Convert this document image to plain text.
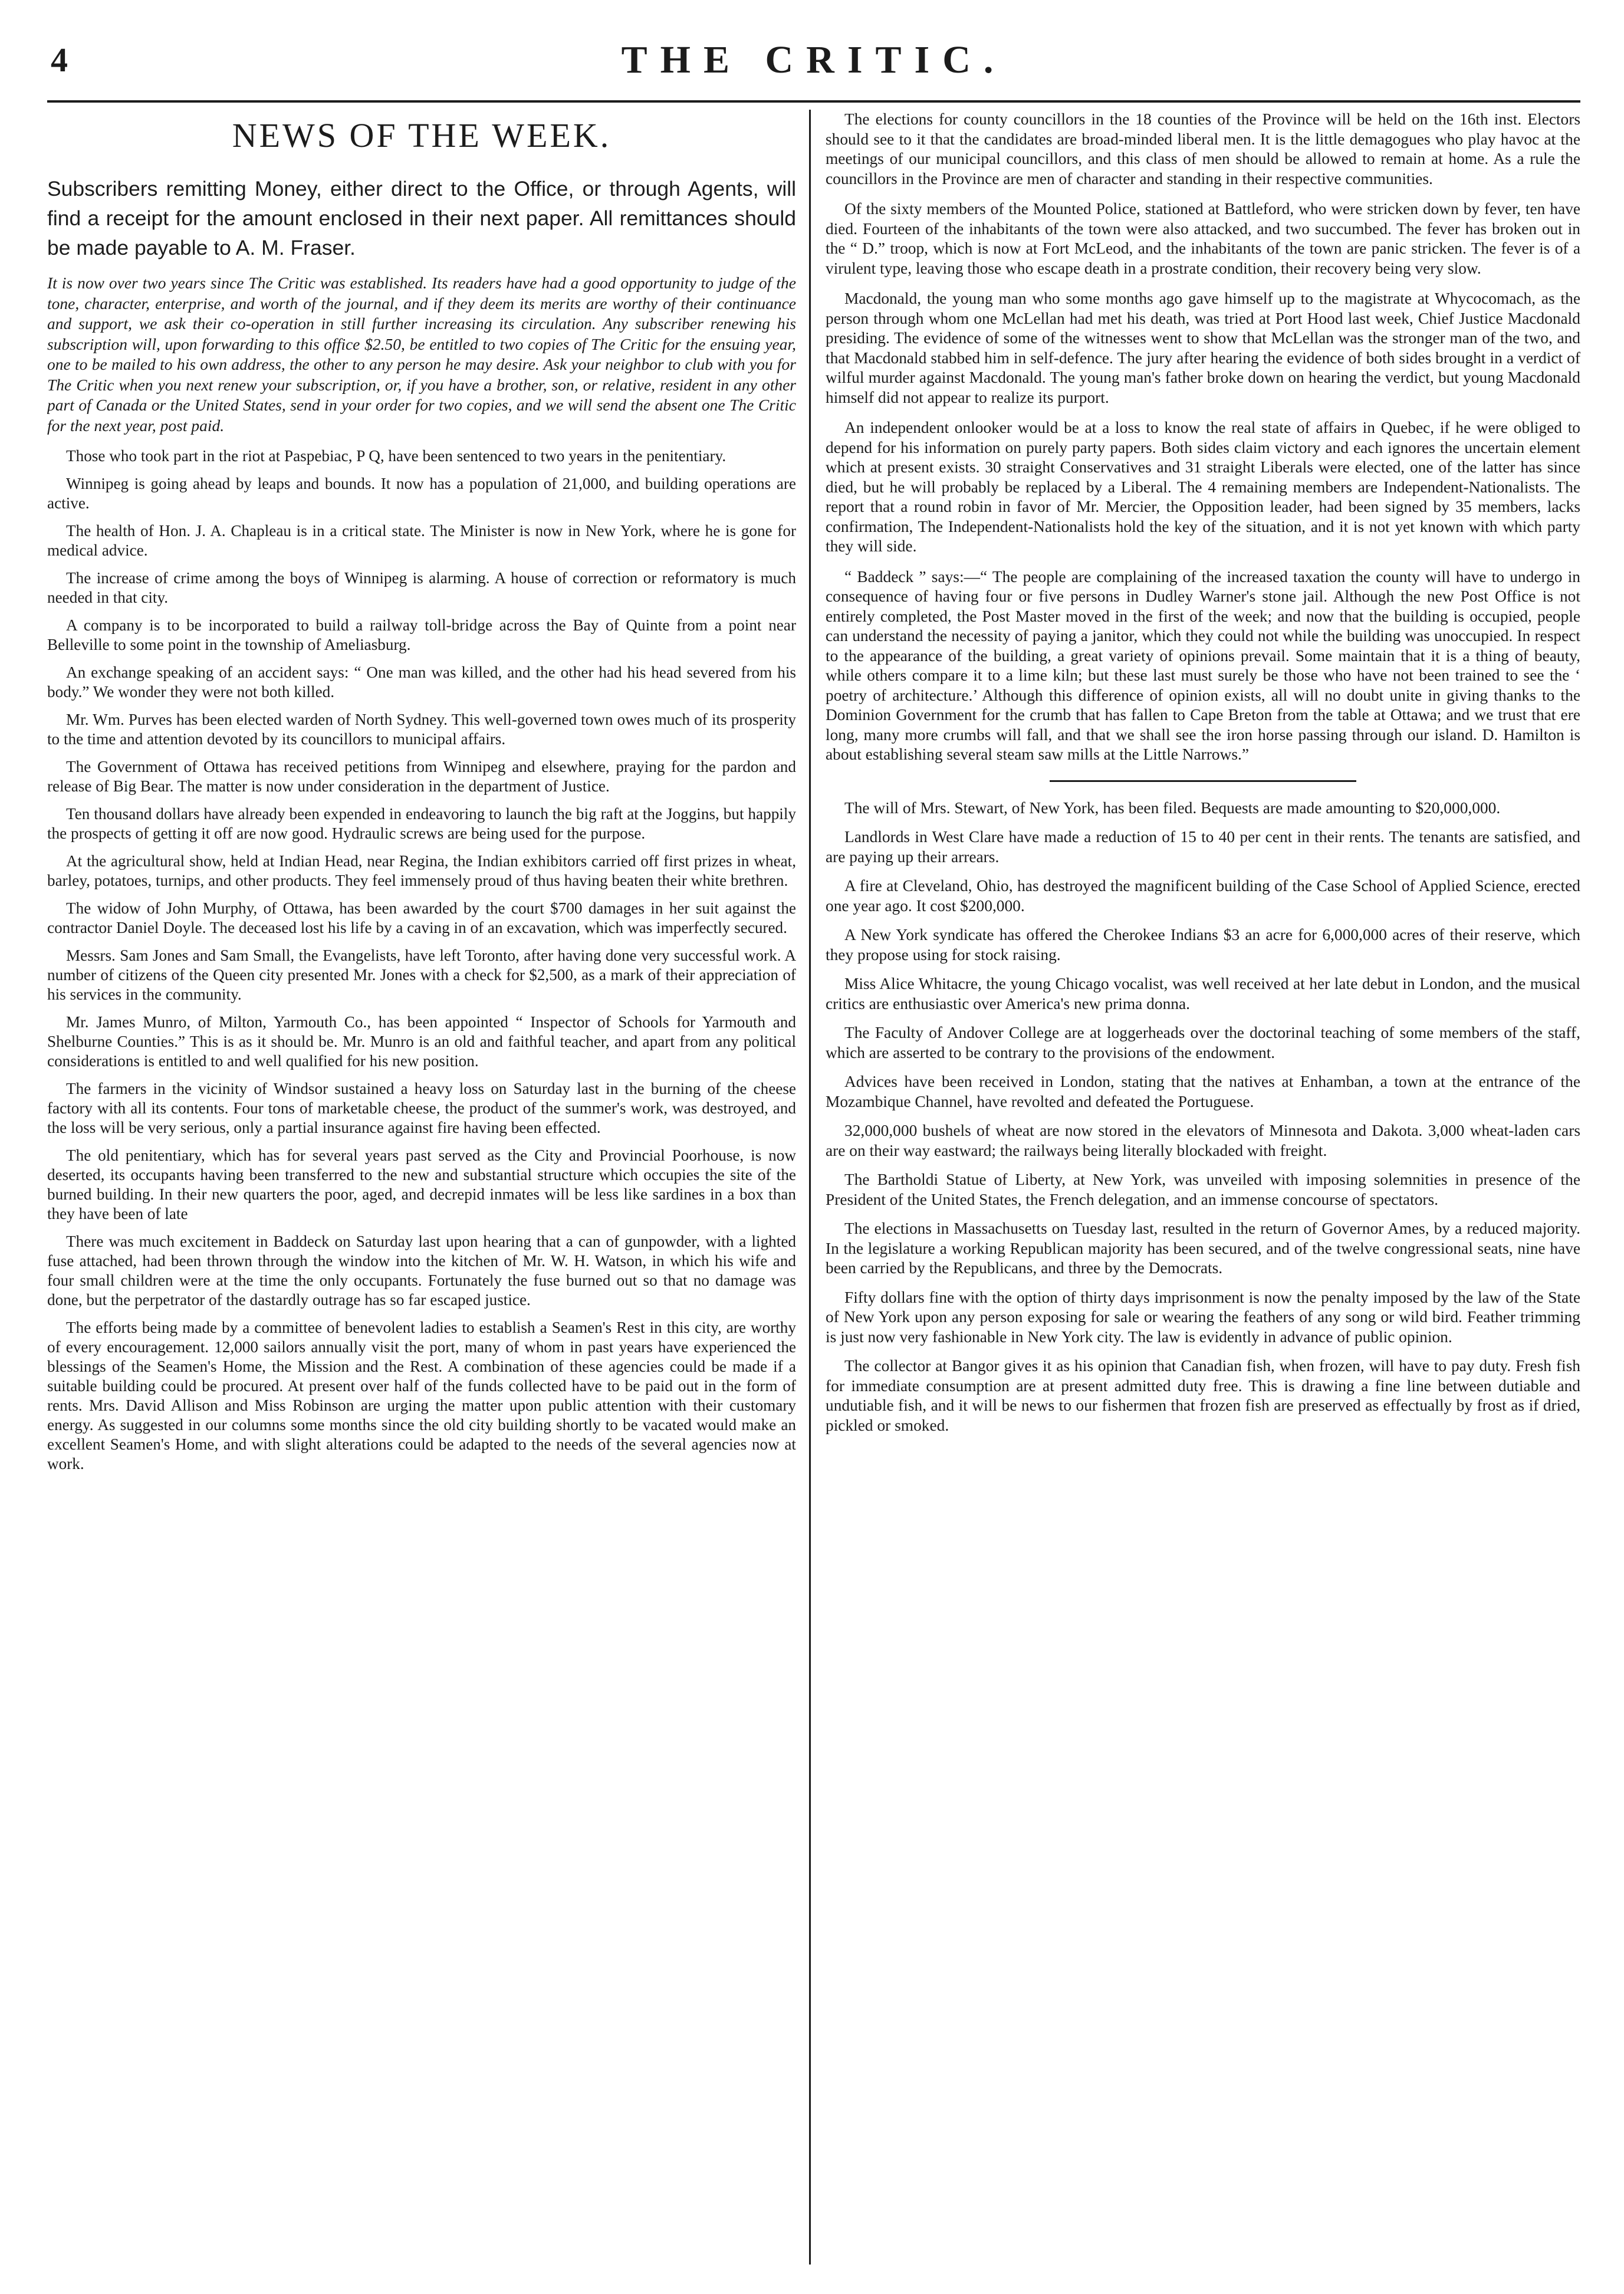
4	THE CRITIC.
NEWS OF THE WEEK.

Subscribers remitting Money, either direct to the Office, or through Agents, will find a receipt for the amount enclosed in their next paper. All remittances should be made payable to A. M. Fraser.

It is now over two years since The Critic was established. Its readers have had a good opportunity to judge of the tone, character, enterprise, and worth of the journal, and if they deem its merits are worthy of their continuance and support, we ask their co-operation in still further increasing its circulation. Any subscriber renewing his subscription will, upon forwarding to this office $2.50, be entitled to two copies of The Critic for the ensuing year, one to be mailed to his own address, the other to any person he may desire. Ask your neighbor to club with you for The Critic when you next renew your subscription, or, if you have a brother, son, or relative, resident in any other part of Canada or the United States, send in your order for two copies, and we will send the absent one The Critic for the next year, post paid.

Those who took part in the riot at Paspebiac, P Q, have been sentenced to two years in the penitentiary.

Winnipeg is going ahead by leaps and bounds. It now has a population of 21,000, and building operations are active.

The health of Hon. J. A. Chapleau is in a critical state. The Minister is now in New York, where he is gone for medical advice.

The increase of crime among the boys of Winnipeg is alarming. A house of correction or reformatory is much needed in that city.

A company is to be incorporated to build a railway toll-bridge across the Bay of Quinte from a point near Belleville to some point in the township of Ameliasburg.

An exchange speaking of an accident says: “ One man was killed, and the other had his head severed from his body.” We wonder they were not both killed.

Mr. Wm. Purves has been elected warden of North Sydney. This well-governed town owes much of its prosperity to the time and attention devoted by its councillors to municipal affairs.

The Government of Ottawa has received petitions from Winnipeg and elsewhere, praying for the pardon and release of Big Bear. The matter is now under consideration in the department of Justice.

Ten thousand dollars have already been expended in endeavoring to launch the big raft at the Joggins, but happily the prospects of getting it off are now good. Hydraulic screws are being used for the purpose.

At the agricultural show, held at Indian Head, near Regina, the Indian exhibitors carried off first prizes in wheat, barley, potatoes, turnips, and other products. They feel immensely proud of thus having beaten their white brethren.

The widow of John Murphy, of Ottawa, has been awarded by the court $700 damages in her suit against the contractor Daniel Doyle. The deceased lost his life by a caving in of an excavation, which was imperfectly secured.

Messrs. Sam Jones and Sam Small, the Evangelists, have left Toronto, after having done very successful work. A number of citizens of the Queen city presented Mr. Jones with a check for $2,500, as a mark of their appreciation of his services in the community.

Mr. James Munro, of Milton, Yarmouth Co., has been appointed “ Inspector of Schools for Yarmouth and Shelburne Counties.” This is as it should be. Mr. Munro is an old and faithful teacher, and apart from any political considerations is entitled to and well qualified for his new position.

The farmers in the vicinity of Windsor sustained a heavy loss on Saturday last in the burning of the cheese factory with all its contents. Four tons of marketable cheese, the product of the summer's work, was destroyed, and the loss will be very serious, only a partial insurance against fire having been effected.

The old penitentiary, which has for several years past served as the City and Provincial Poorhouse, is now deserted, its occupants having been transferred to the new and substantial structure which occupies the site of the burned building. In their new quarters the poor, aged, and decrepid inmates will be less like sardines in a box than they have been of late

There was much excitement in Baddeck on Saturday last upon hearing that a can of gunpowder, with a lighted fuse attached, had been thrown through the window into the kitchen of Mr. W. H. Watson, in which his wife and four small children were at the time the only occupants. Fortunately the fuse burned out so that no damage was done, but the perpetrator of the dastardly outrage has so far escaped justice.

The efforts being made by a committee of benevolent ladies to establish a Seamen's Rest in this city, are worthy of every encouragement. 12,000 sailors annually visit the port, many of whom in past years have experienced the blessings of the Seamen's Home, the Mission and the Rest. A combination of these agencies could be made if a suitable building could be procured. At present over half of the funds collected have to be paid out in the form of rents. Mrs. David Allison and Miss Robinson are urging the matter upon public attention with their customary energy. As suggested in our columns some months since the old city building shortly to be vacated would make an excellent Seamen's Home, and with slight alterations could be adapted to the needs of the several agencies now at work.

The elections for county councillors in the 18 counties of the Province will be held on the 16th inst. Electors should see to it that the candidates are broad-minded liberal men. It is the little demagogues who play havoc at the meetings of our municipal councillors, and this class of men should be allowed to remain at home. As a rule the councillors in the Province are men of character and standing in their respective communities.

Of the sixty members of the Mounted Police, stationed at Battleford, who were stricken down by fever, ten have died. Fourteen of the inhabitants of the town were also attacked, and two succumbed. The fever has broken out in the “ D.” troop, which is now at Fort McLeod, and the inhabitants of the town are panic stricken. The fever is of a virulent type, leaving those who escape death in a prostrate condition, their recovery being very slow.

Macdonald, the young man who some months ago gave himself up to the magistrate at Whycocomach, as the person through whom one McLellan had met his death, was tried at Port Hood last week, Chief Justice Macdonald presiding. The evidence of some of the witnesses went to show that McLellan was the stronger man of the two, and that Macdonald stabbed him in self-defence. The jury after hearing the evidence of both sides brought in a verdict of wilful murder against Macdonald. The young man's father broke down on hearing the verdict, but young Macdonald himself did not appear to realize its purport.

An independent onlooker would be at a loss to know the real state of affairs in Quebec, if he were obliged to depend for his information on purely party papers. Both sides claim victory and each ignores the uncertain element which at present exists. 30 straight Conservatives and 31 straight Liberals were elected, one of the latter has since died, but he will probably be replaced by a Liberal. The 4 remaining members are Independent-Nationalists. The report that a round robin in favor of Mr. Mercier, the Opposition leader, had been signed by 35 members, lacks confirmation, The Independent-Nationalists hold the key of the situation, and it is not yet known with which party they will side.

“ Baddeck ” says:—“ The people are complaining of the increased taxation the county will have to undergo in consequence of having four or five persons in Dudley Warner's stone jail. Although the new Post Office is not entirely completed, the Post Master moved in the first of the week; and now that the building is occupied, people can understand the necessity of paying a janitor, which they could not while the building was unoccupied. In respect to the appearance of the building, a great variety of opinions prevail. Some maintain that it is a thing of beauty, while others compare it to a lime kiln; but these last must surely be those who have not been trained to see the ‘ poetry of architecture.’ Although this difference of opinion exists, all will no doubt unite in giving thanks to the Dominion Government for the crumb that has fallen to Cape Breton from the table at Ottawa; and we trust that ere long, many more crumbs will fall, and that we shall see the iron horse passing through our island. D. Hamilton is about establishing several steam saw mills at the Little Narrows.”

The will of Mrs. Stewart, of New York, has been filed. Bequests are made amounting to $20,000,000.

Landlords in West Clare have made a reduction of 15 to 40 per cent in their rents. The tenants are satisfied, and are paying up their arrears.

A fire at Cleveland, Ohio, has destroyed the magnificent building of the Case School of Applied Science, erected one year ago. It cost $200,000.

A New York syndicate has offered the Cherokee Indians $3 an acre for 6,000,000 acres of their reserve, which they propose using for stock raising.

Miss Alice Whitacre, the young Chicago vocalist, was well received at her late debut in London, and the musical critics are enthusiastic over America's new prima donna.

The Faculty of Andover College are at loggerheads over the doctorinal teaching of some members of the staff, which are asserted to be contrary to the provisions of the endowment.

Advices have been received in London, stating that the natives at Enhamban, a town at the entrance of the Mozambique Channel, have revolted and defeated the Portuguese.

32,000,000 bushels of wheat are now stored in the elevators of Minnesota and Dakota. 3,000 wheat-laden cars are on their way eastward; the railways being literally blockaded with freight.

The Bartholdi Statue of Liberty, at New York, was unveiled with imposing solemnities in presence of the President of the United States, the French delegation, and an immense concourse of spectators.

The elections in Massachusetts on Tuesday last, resulted in the return of Governor Ames, by a reduced majority. In the legislature a working Republican majority has been secured, and of the twelve congressional seats, nine have been carried by the Republicans, and three by the Democrats.

Fifty dollars fine with the option of thirty days imprisonment is now the penalty imposed by the law of the State of New York upon any person exposing for sale or wearing the feathers of any song or wild bird. Feather trimming is just now very fashionable in New York city. The law is evidently in advance of public opinion.

The collector at Bangor gives it as his opinion that Canadian fish, when frozen, will have to pay duty. Fresh fish for immediate consumption are at present admitted duty free. This is drawing a fine line between dutiable and undutiable fish, and it will be news to our fishermen that frozen fish are preserved as effectually by frost as if dried, pickled or smoked.
